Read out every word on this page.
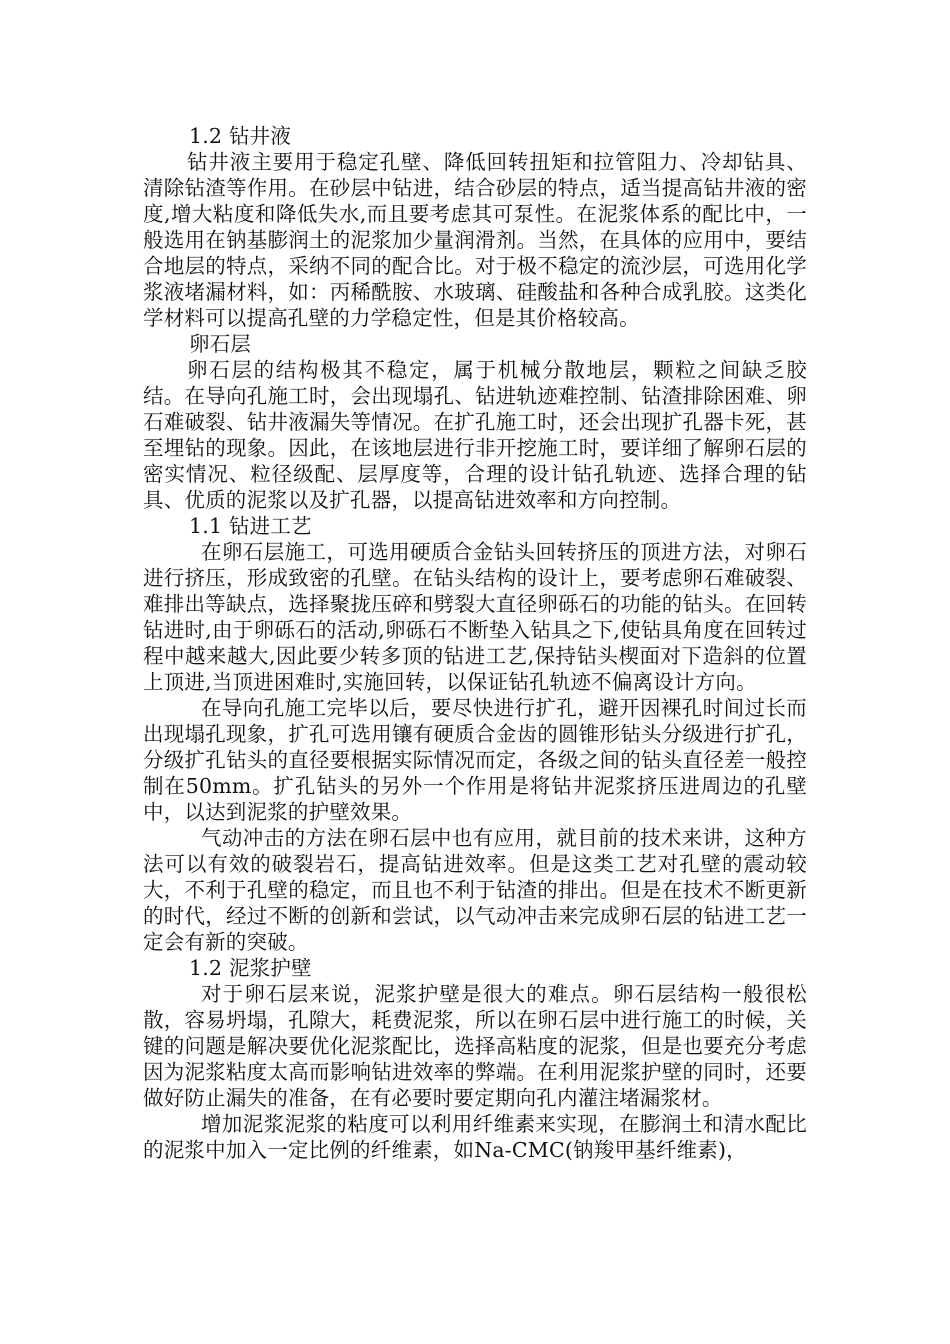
1.2 钻井液

钻井液主要用于稳定孔壁、降低回转扭矩和拉管阻力、冷却钻具、清除钻渣等作用。在砂层中钻进，结合砂层的特点，适当提高钻井液的密度,增大粘度和降低失水,而且要考虑其可泵性。在泥浆体系的配比中，一般选用在钠基膨润土的泥浆加少量润滑剂。当然，在具体的应用中，要结合地层的特点，采纳不同的配合比。对于极不稳定的流沙层，可选用化学浆液堵漏材料，如：丙稀酰胺、水玻璃、硅酸盐和各种合成乳胶。这类化学材料可以提高孔壁的力学稳定性，但是其价格较高。

卵石层

卵石层的结构极其不稳定，属于机械分散地层，颗粒之间缺乏胶结。在导向孔施工时，会出现塌孔、钻进轨迹难控制、钻渣排除困难、卵石难破裂、钻井液漏失等情况。在扩孔施工时，还会出现扩孔器卡死，甚至埋钻的现象。因此，在该地层进行非开挖施工时，要详细了解卵石层的密实情况、粒径级配、层厚度等，合理的设计钻孔轨迹、选择合理的钻具、优质的泥浆以及扩孔器，以提高钻进效率和方向控制。

1.1 钻进工艺

在卵石层施工，可选用硬质合金钻头回转挤压的顶进方法，对卵石进行挤压，形成致密的孔壁。在钻头结构的设计上，要考虑卵石难破裂、难排出等缺点，选择聚拢压碎和劈裂大直径卵砾石的功能的钻头。在回转钻进时,由于卵砾石的活动,卵砾石不断垫入钻具之下,使钻具角度在回转过程中越来越大,因此要少转多顶的钻进工艺,保持钻头楔面对下造斜的位置上顶进,当顶进困难时,实施回转，以保证钻孔轨迹不偏离设计方向。

在导向孔施工完毕以后，要尽快进行扩孔，避开因裸孔时间过长而出现塌孔现象，扩孔可选用镶有硬质合金齿的圆锥形钻头分级进行扩孔，分级扩孔钻头的直径要根据实际情况而定，各级之间的钻头直径差一般控制在50mm。扩孔钻头的另外一个作用是将钻井泥浆挤压进周边的孔壁中，以达到泥浆的护壁效果。

气动冲击的方法在卵石层中也有应用，就目前的技术来讲，这种方法可以有效的破裂岩石，提高钻进效率。但是这类工艺对孔壁的震动较大，不利于孔壁的稳定，而且也不利于钻渣的排出。但是在技术不断更新的时代，经过不断的创新和尝试，以气动冲击来完成卵石层的钻进工艺一定会有新的突破。

1.2 泥浆护壁

对于卵石层来说，泥浆护壁是很大的难点。卵石层结构一般很松散，容易坍塌，孔隙大，耗费泥浆，所以在卵石层中进行施工的时候，关键的问题是解决要优化泥浆配比，选择高粘度的泥浆，但是也要充分考虑因为泥浆粘度太高而影响钻进效率的弊端。在利用泥浆护壁的同时，还要做好防止漏失的准备，在有必要时要定期向孔内灌注堵漏浆材。

增加泥浆泥浆的粘度可以利用纤维素来实现，在膨润土和清水配比的泥浆中加入一定比例的纤维素，如Na-CMC(钠羧甲基纤维素)，
